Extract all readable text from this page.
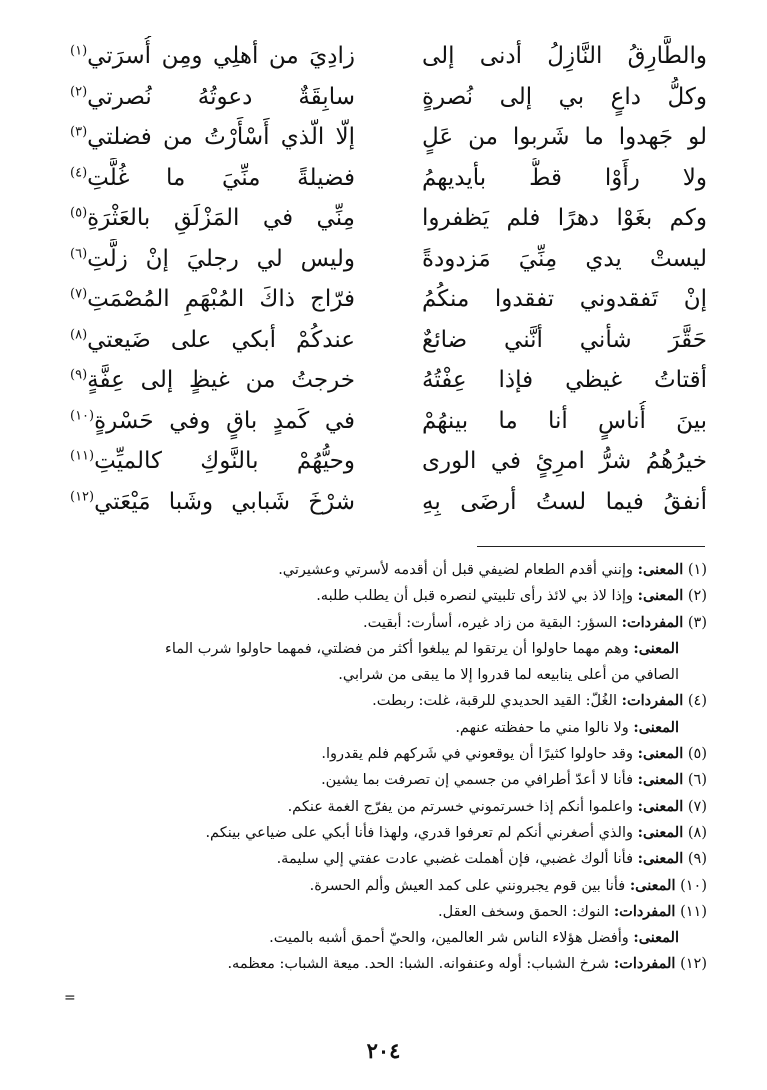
والطَّارِقُ النَّازِلُ أدنى إلى
زادِيَ من أهلِي ومِن أُسرَتي$^{(١)}$
وكلُّ داعٍ بي إلى نُصرةٍ
سابِقَةٌ دعوتُهُ نُصرتي$^{(٢)}$
لو جَهدوا ما شَربوا من عَلٍ
إلّا الّذي أَسْأَرْتُ من فضلتي$^{(٣)}$
ولا رأَوْا قطُّ بأيديهمُ
فضيلةً منِّيَ ما غُلَّتِ$^{(٤)}$
وكم بغَوْا دهرًا فلم يَظفروا
مِنِّي في المَزْلَقِ بالعَثْرَةِ$^{(٥)}$
ليستْ يدي مِنِّيَ مَزدودةً
وليس لي رجليَ إنْ زلَّتِ$^{(٦)}$
إنْ تَفقدوني تفقدوا منكُمُ
فرّاج ذاكَ المُبْهَمِ المُصْمَتِ$^{(٧)}$
حَقَّرَ شأني أنَّني ضائعٌ
عندكُمْ أبكي على ضَيعتي$^{(٨)}$
أقتاتُ غيظي فإذا عِفْتُهُ
خرجتُ من غيظٍ إلى عِفَّةٍ$^{(٩)}$
بينَ أُناسٍ أنا ما بينهُمْ
في كَمدٍ باقٍ وفي حَسْرةٍ$^{(١٠)}$
خيرُهُمُ شرُّ امرِئٍ في الورى
وحيُّهُمْ بالنَّوكِ كالميِّتِ$^{(١١)}$
أنفقُ فيما لستُ أرضَى بِهِ
شرْخَ شَبابي وشَبا مَيْعَتي$^{(١٢)}$
(١) المعنى: وإنني أقدم الطعام لضيفي قبل أن أقدمه لأسرتي وعشيرتي.
(٢) المعنى: وإذا لاذ بي لائذ رأى تلبيتي لنصره قبل أن يطلب طلبه.
(٣) المفردات: السؤر: البقية من زاد غيره، أسأرت: أبقيت.
المعنى: وهم مهما حاولوا أن يرتقوا لم يبلغوا أكثر من فضلتي، فمهما حاولوا شرب الماء
الصافي من أعلى ينابيعه لما قدروا إلا ما يبقى من شرابي.
(٤) المفردات: الغُلّ: القيد الحديدي للرقبة، غلت: ربطت.
المعنى: ولا نالوا مني ما حفظته عنهم.
(٥) المعنى: وقد حاولوا كثيرًا أن يوقعوني في شَركهم فلم يقدروا.
(٦) المعنى: فأنا لا أعدّ أطرافي من جسمي إن تصرفت بما يشين.
(٧) المعنى: واعلموا أنكم إذا خسرتموني خسرتم من يفرّج الغمة عنكم.
(٨) المعنى: والذي أصغرني أنكم لم تعرفوا قدري، ولهذا فأنا أبكي على ضياعي بينكم.
(٩) المعنى: فأنا ألوك غضبي، فإن أهملت غضبي عادت عفتي إلي سليمة.
(١٠) المعنى: فأنا بين قوم يجبرونني على كمد العيش وألم الحسرة.
(١١) المفردات: النوك: الحمق وسخف العقل.
المعنى: وأفضل هؤلاء الناس شر العالمين، والحيّ أحمق أشبه بالميت.
(١٢) المفردات: شرخ الشباب: أوله وعنفوانه. الشبا: الحد. ميعة الشباب: معظمه.
=
٢٠٤
